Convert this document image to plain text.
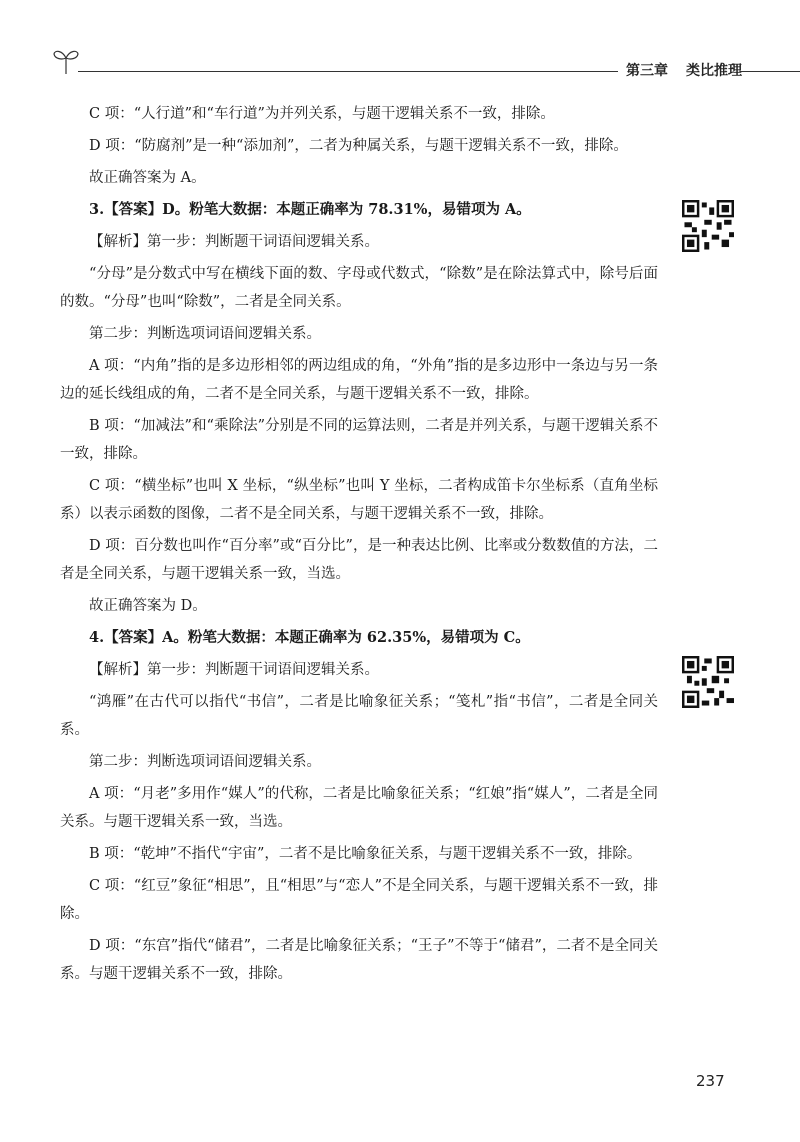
第三章 类比推理

C 项：“人行道”和“车行道”为并列关系，与题干逻辑关系不一致，排除。

D 项：“防腐剂”是一种“添加剂”，二者为种属关系，与题干逻辑关系不一致，排除。

故正确答案为 A。

3.【答案】D。粉笔大数据：本题正确率为 78.31%，易错项为 A。

【解析】第一步：判断题干词语间逻辑关系。

“分母”是分数式中写在横线下面的数、字母或代数式，“除数”是在除法算式中，除号后面的数。“分母”也叫“除数”，二者是全同关系。

第二步：判断选项词语间逻辑关系。

A 项：“内角”指的是多边形相邻的两边组成的角，“外角”指的是多边形中一条边与另一条边的延长线组成的角，二者不是全同关系，与题干逻辑关系不一致，排除。

B 项：“加减法”和“乘除法”分别是不同的运算法则，二者是并列关系，与题干逻辑关系不一致，排除。

C 项：“横坐标”也叫 X 坐标，“纵坐标”也叫 Y 坐标，二者构成笛卡尔坐标系（直角坐标系）以表示函数的图像，二者不是全同关系，与题干逻辑关系不一致，排除。

D 项：百分数也叫作“百分率”或“百分比”，是一种表达比例、比率或分数数值的方法，二者是全同关系，与题干逻辑关系一致，当选。

故正确答案为 D。

4.【答案】A。粉笔大数据：本题正确率为 62.35%，易错项为 C。

【解析】第一步：判断题干词语间逻辑关系。

“鸿雁”在古代可以指代“书信”，二者是比喻象征关系；“笺札”指“书信”，二者是全同关系。

第二步：判断选项词语间逻辑关系。

A 项：“月老”多用作“媒人”的代称，二者是比喻象征关系；“红娘”指“媒人”，二者是全同关系。与题干逻辑关系一致，当选。

B 项：“乾坤”不指代“宇宙”，二者不是比喻象征关系，与题干逻辑关系不一致，排除。

C 项：“红豆”象征“相思”，且“相思”与“恋人”不是全同关系，与题干逻辑关系不一致，排除。

D 项：“东宫”指代“储君”，二者是比喻象征关系；“王子”不等于“储君”，二者不是全同关系。与题干逻辑关系不一致，排除。

237
